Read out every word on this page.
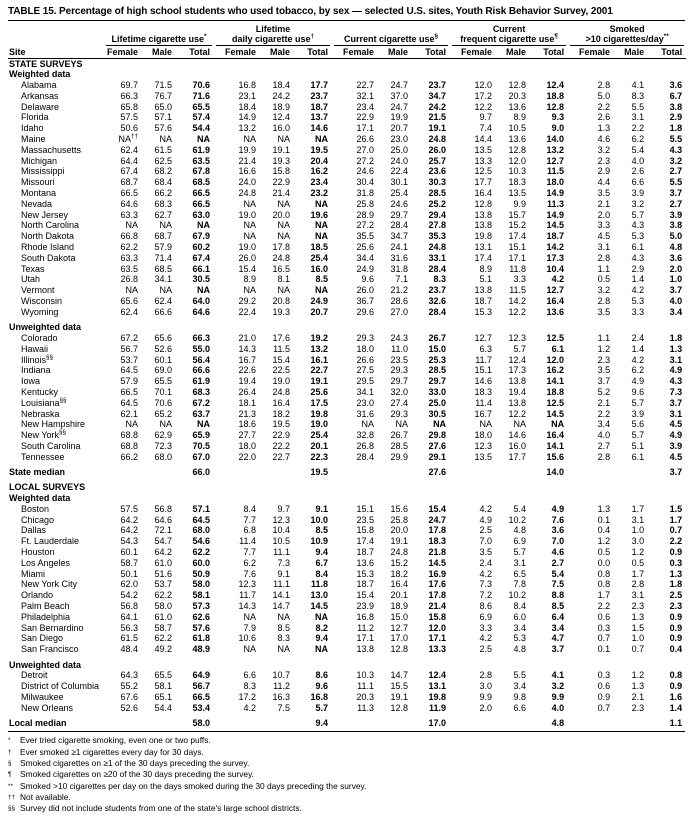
TABLE 15. Percentage of high school students who used tobacco, by sex — selected U.S. sites, Youth Risk Behavior Survey, 2001
Site	
Lifetime cigarette use*

Lifetime
daily cigarette use†	Current cigarette use§

Current
frequent cigarette use¶

Smoked
>10 cigarettes/day**

	Female	Male	Total	Female	Male	Total	Female	Male	Total	Female	Male	Total	Female	Male	Total
STATE SURVEYS															
Weighted data															
Alabama	69.7	71.5	70.6	16.8	18.4	17.7	22.7	24.7	23.7	12.0	12.8	12.4	2.8	4.1	3.6
Arkansas	66.3	76.7	71.6	23.1	24.2	23.7	32.1	37.0	34.7	17.2	20.3	18.8	5.0	8.3	6.7
Delaware	65.8	65.0	65.5	18.4	18.9	18.7	23.4	24.7	24.2	12.2	13.6	12.8	2.2	5.5	3.8
Florida	57.5	57.1	57.4	14.9	12.4	13.7	22.9	19.9	21.5	9.7	8.9	9.3	2.6	3.1	2.9
Idaho	50.6	57.6	54.4	13.2	16.0	14.6	17.1	20.7	19.1	7.4	10.5	9.0	1.3	2.2	1.8
Maine	NA††	NA	NA	NA	NA	NA	26.6	23.0	24.8	14.4	13.6	14.0	4.6	6.2	5.5
Massachusetts	62.4	61.5	61.9	19.9	19.1	19.5	27.0	25.0	26.0	13.5	12.8	13.2	3.2	5.4	4.3
Michigan	64.4	62.5	63.5	21.4	19.3	20.4	27.2	24.0	25.7	13.3	12.0	12.7	2.3	4.0	3.2
Mississippi	67.4	68.2	67.8	16.6	15.8	16.2	24.6	22.4	23.6	12.5	10.3	11.5	2.9	2.6	2.7
Missouri	68.7	68.4	68.5	24.0	22.9	23.4	30.4	30.1	30.3	17.7	18.3	18.0	4.4	6.6	5.5
Montana	66.5	66.2	66.5	24.8	21.4	23.2	31.8	25.4	28.5	16.4	13.5	14.9	3.5	3.9	3.7
Nevada	64.6	68.3	66.5	NA	NA	NA	25.8	24.6	25.2	12.8	9.9	11.3	2.1	3.2	2.7
New Jersey	63.3	62.7	63.0	19.0	20.0	19.6	28.9	29.7	29.4	13.8	15.7	14.9	2.0	5.7	3.9
North Carolina	NA	NA	NA	NA	NA	NA	27.2	28.4	27.8	13.8	15.2	14.5	3.3	4.3	3.8
North Dakota	66.8	68.7	67.9	NA	NA	NA	35.5	34.7	35.3	19.8	17.4	18.7	4.5	5.3	5.0
Rhode Island	62.2	57.9	60.2	19.0	17.8	18.5	25.6	24.1	24.8	13.1	15.1	14.2	3.1	6.1	4.8
South Dakota	63.3	71.4	67.4	26.0	24.8	25.4	34.4	31.6	33.1	17.4	17.1	17.3	2.8	4.3	3.6
Texas	63.5	68.5	66.1	15.4	16.5	16.0	24.9	31.8	28.4	8.9	11.8	10.4	1.1	2.9	2.0
Utah	26.8	34.1	30.5	8.9	8.1	8.5	9.6	7.1	8.3	5.1	3.3	4.2	0.5	1.4	1.0
Vermont	NA	NA	NA	NA	NA	NA	26.0	21.2	23.7	13.8	11.5	12.7	3.2	4.2	3.7
Wisconsin	65.6	62.4	64.0	29.2	20.8	24.9	36.7	28.6	32.6	18.7	14.2	16.4	2.8	5.3	4.0
Wyoming	62.4	66.6	64.6	22.4	19.3	20.7	29.6	27.0	28.4	15.3	12.2	13.6	3.5	3.3	3.4
Unweighted data															
Colorado	67.2	65.6	66.3	21.0	17.6	19.2	29.3	24.3	26.7	12.7	12.3	12.5	1.1	2.4	1.8
Hawaii	56.7	52.6	55.0	14.3	11.5	13.2	18.0	11.0	15.0	6.3	5.7	6.1	1.2	1.4	1.3
Illinois§§	53.7	60.1	56.4	16.7	15.4	16.1	26.6	23.5	25.3	11.7	12.4	12.0	2.3	4.2	3.1
Indiana	64.5	69.0	66.6	22.6	22.5	22.7	27.5	29.3	28.5	15.1	17.3	16.2	3.5	6.2	4.9
Iowa	57.9	65.5	61.9	19.4	19.0	19.1	29.5	29.7	29.7	14.6	13.8	14.1	3.7	4.9	4.3
Kentucky	66.5	70.1	68.3	26.4	24.8	25.6	34.1	32.0	33.0	18.3	19.4	18.8	5.2	9.6	7.3
Louisiana§§	64.5	70.6	67.2	18.1	16.4	17.5	23.0	27.4	25.0	11.4	13.8	12.5	2.1	5.7	3.7
Nebraska	62.1	65.2	63.7	21.3	18.2	19.8	31.6	29.3	30.5	16.7	12.2	14.5	2.2	3.9	3.1
New Hampshire	NA	NA	NA	18.6	19.5	19.0	NA	NA	NA	NA	NA	NA	3.4	5.6	4.5
New York§§	68.8	62.9	65.9	27.7	22.9	25.4	32.8	26.7	29.8	18.0	14.6	16.4	4.0	5.7	4.9
South Carolina	68.8	72.3	70.5	18.0	22.2	20.1	26.8	28.5	27.6	12.3	16.0	14.1	2.7	5.1	3.9
Tennessee	66.2	68.0	67.0	22.0	22.7	22.3	28.4	29.9	29.1	13.5	17.7	15.6	2.8	6.1	4.5
State median			66.0			19.5			27.6			14.0			3.7
LOCAL SURVEYS															
Weighted data															
Boston	57.5	56.8	57.1	8.4	9.7	9.1	15.1	15.6	15.4	4.2	5.4	4.9	1.3	1.7	1.5
Chicago	64.2	64.6	64.5	7.7	12.3	10.0	23.5	25.8	24.7	4.9	10.2	7.6	0.1	3.1	1.7
Dallas	64.2	72.1	68.0	6.8	10.4	8.5	15.8	20.0	17.8	2.5	4.8	3.6	0.4	1.0	0.7
Ft. Lauderdale	54.3	54.7	54.6	11.4	10.5	10.9	17.4	19.1	18.3	7.0	6.9	7.0	1.2	3.0	2.2
Houston	60.1	64.2	62.2	7.7	11.1	9.4	18.7	24.8	21.8	3.5	5.7	4.6	0.5	1.2	0.9
Los Angeles	58.7	61.0	60.0	6.2	7.3	6.7	13.6	15.2	14.5	2.4	3.1	2.7	0.0	0.5	0.3
Miami	50.1	51.6	50.9	7.6	9.1	8.4	15.3	18.2	16.9	4.2	6.5	5.4	0.8	1.7	1.3
New York City	62.0	53.7	58.0	12.3	11.1	11.8	18.7	16.4	17.6	7.3	7.8	7.5	0.8	2.8	1.8
Orlando	54.2	62.2	58.1	11.7	14.1	13.0	15.4	20.1	17.8	7.2	10.2	8.8	1.7	3.1	2.5
Palm Beach	56.8	58.0	57.3	14.3	14.7	14.5	23.9	18.9	21.4	8.6	8.4	8.5	2.2	2.3	2.3
Philadelphia	64.1	61.0	62.6	NA	NA	NA	16.8	15.0	15.8	6.9	6.0	6.4	0.6	1.3	0.9
San Bernardino	56.3	58.7	57.6	7.9	8.5	8.2	11.2	12.7	12.0	3.3	3.4	3.4	0.3	1.5	0.9
San Diego	61.5	62.2	61.8	10.6	8.3	9.4	17.1	17.0	17.1	4.2	5.3	4.7	0.7	1.0	0.9
San Francisco	48.4	49.2	48.9	NA	NA	NA	13.8	12.8	13.3	2.5	4.8	3.7	0.1	0.7	0.4
Unweighted data															
Detroit	64.3	65.5	64.9	6.6	10.7	8.6	10.3	14.7	12.4	2.8	5.5	4.1	0.3	1.2	0.8
District of Columbia	55.2	58.1	56.7	8.3	11.2	9.6	11.1	15.5	13.1	3.0	3.4	3.2	0.6	1.3	0.9
Milwaukee	67.6	65.1	66.5	17.2	16.3	16.8	20.3	19.1	19.8	9.9	9.8	9.9	0.9	2.1	1.6
New Orleans	52.6	54.4	53.4	4.2	7.5	5.7	11.3	12.8	11.9	2.0	6.6	4.0	0.7	2.3	1.4
Local median			58.0			9.4			17.0			4.8			1.1
*	Ever tried cigarette smoking, even one or two puffs.
†	Ever smoked ≥1 cigarettes every day for 30 days.
§	Smoked cigarettes on ≥1 of the 30 days preceding the survey.
¶	Smoked cigarettes on ≥20 of the 30 days preceding the survey.
** Smoked >10 cigarettes per day on the days smoked during the 30 days preceding the survey.
†† Not available.
§§ Survey did not include students from one of the state's large school districts.
